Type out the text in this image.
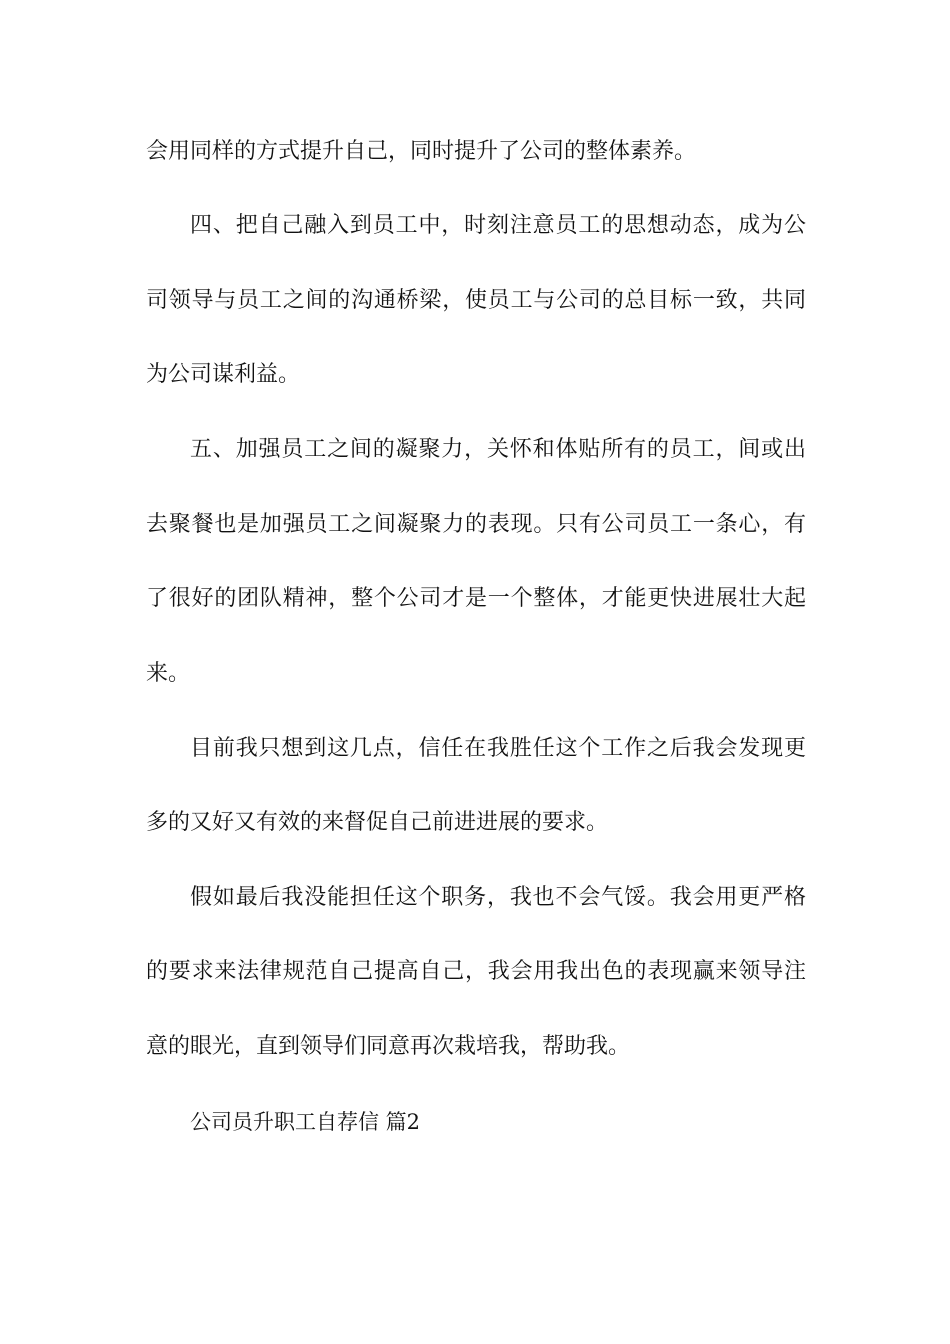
会用同样的方式提升自己，同时提升了公司的整体素养。
四、把自己融入到员工中，时刻注意员工的思想动态，成为公
司领导与员工之间的沟通桥梁，使员工与公司的总目标一致，共同
为公司谋利益。
五、加强员工之间的凝聚力，关怀和体贴所有的员工，间或出
去聚餐也是加强员工之间凝聚力的表现。只有公司员工一条心，有
了很好的团队精神，整个公司才是一个整体，才能更快进展壮大起
来。
目前我只想到这几点，信任在我胜任这个工作之后我会发现更
多的又好又有效的来督促自己前进进展的要求。
假如最后我没能担任这个职务，我也不会气馁。我会用更严格
的要求来法律规范自己提高自己，我会用我出色的表现赢来领导注
意的眼光，直到领导们同意再次栽培我，帮助我。
公司员升职工自荐信 篇2
